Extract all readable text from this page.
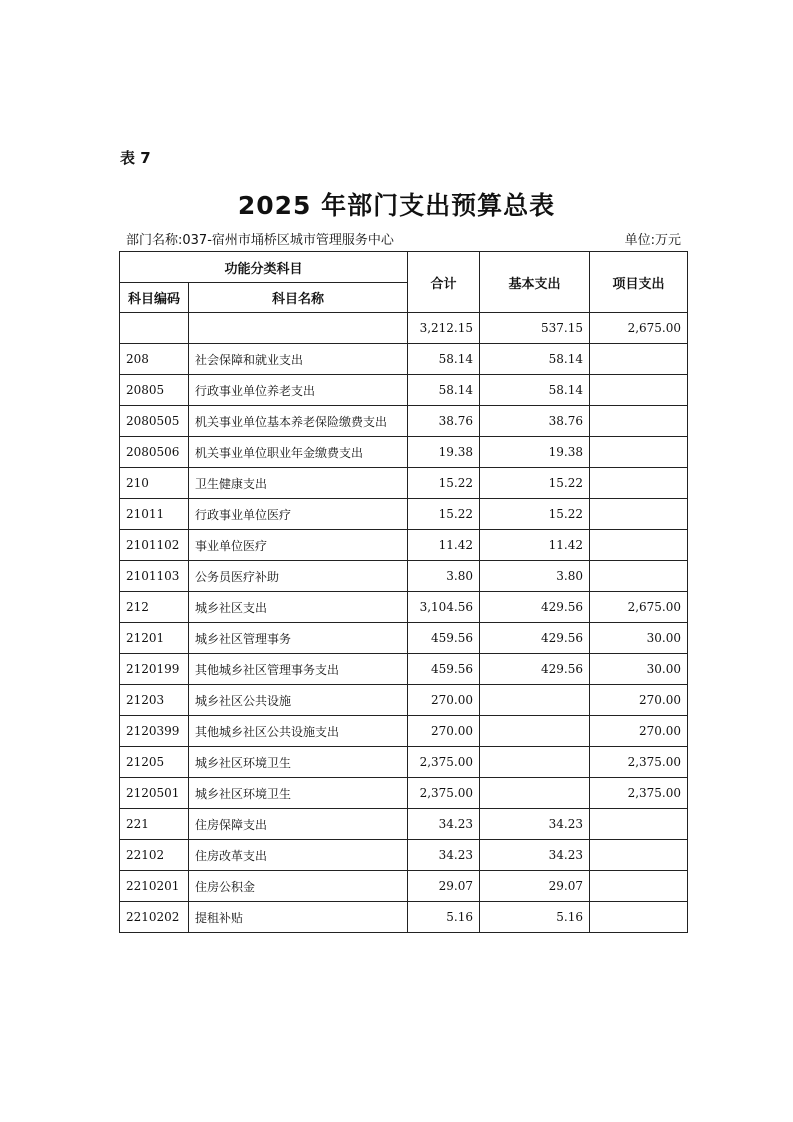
表 7
2025 年部门支出预算总表
部门名称:037-宿州市埇桥区城市管理服务中心	单位:万元
功能分类科目		合计	基本支出	项目支出
科目编码	科目名称			
		3,212.15	537.15	2,675.00
208	社会保障和就业支出	58.14	58.14	
20805	行政事业单位养老支出	58.14	58.14	
2080505	机关事业单位基本养老保险缴费支出	38.76	38.76	
2080506	机关事业单位职业年金缴费支出	19.38	19.38	
210	卫生健康支出	15.22	15.22	
21011	行政事业单位医疗	15.22	15.22	
2101102	事业单位医疗	11.42	11.42	
2101103	公务员医疗补助	3.80	3.80	
212	城乡社区支出	3,104.56	429.56	2,675.00
21201	城乡社区管理事务	459.56	429.56	30.00
2120199	其他城乡社区管理事务支出	459.56	429.56	30.00
21203	城乡社区公共设施	270.00		270.00
2120399	其他城乡社区公共设施支出	270.00		270.00
21205	城乡社区环境卫生	2,375.00		2,375.00
2120501	城乡社区环境卫生	2,375.00		2,375.00
221	住房保障支出	34.23	34.23	
22102	住房改革支出	34.23	34.23	
2210201	住房公积金	29.07	29.07	
2210202	提租补贴	5.16	5.16	
